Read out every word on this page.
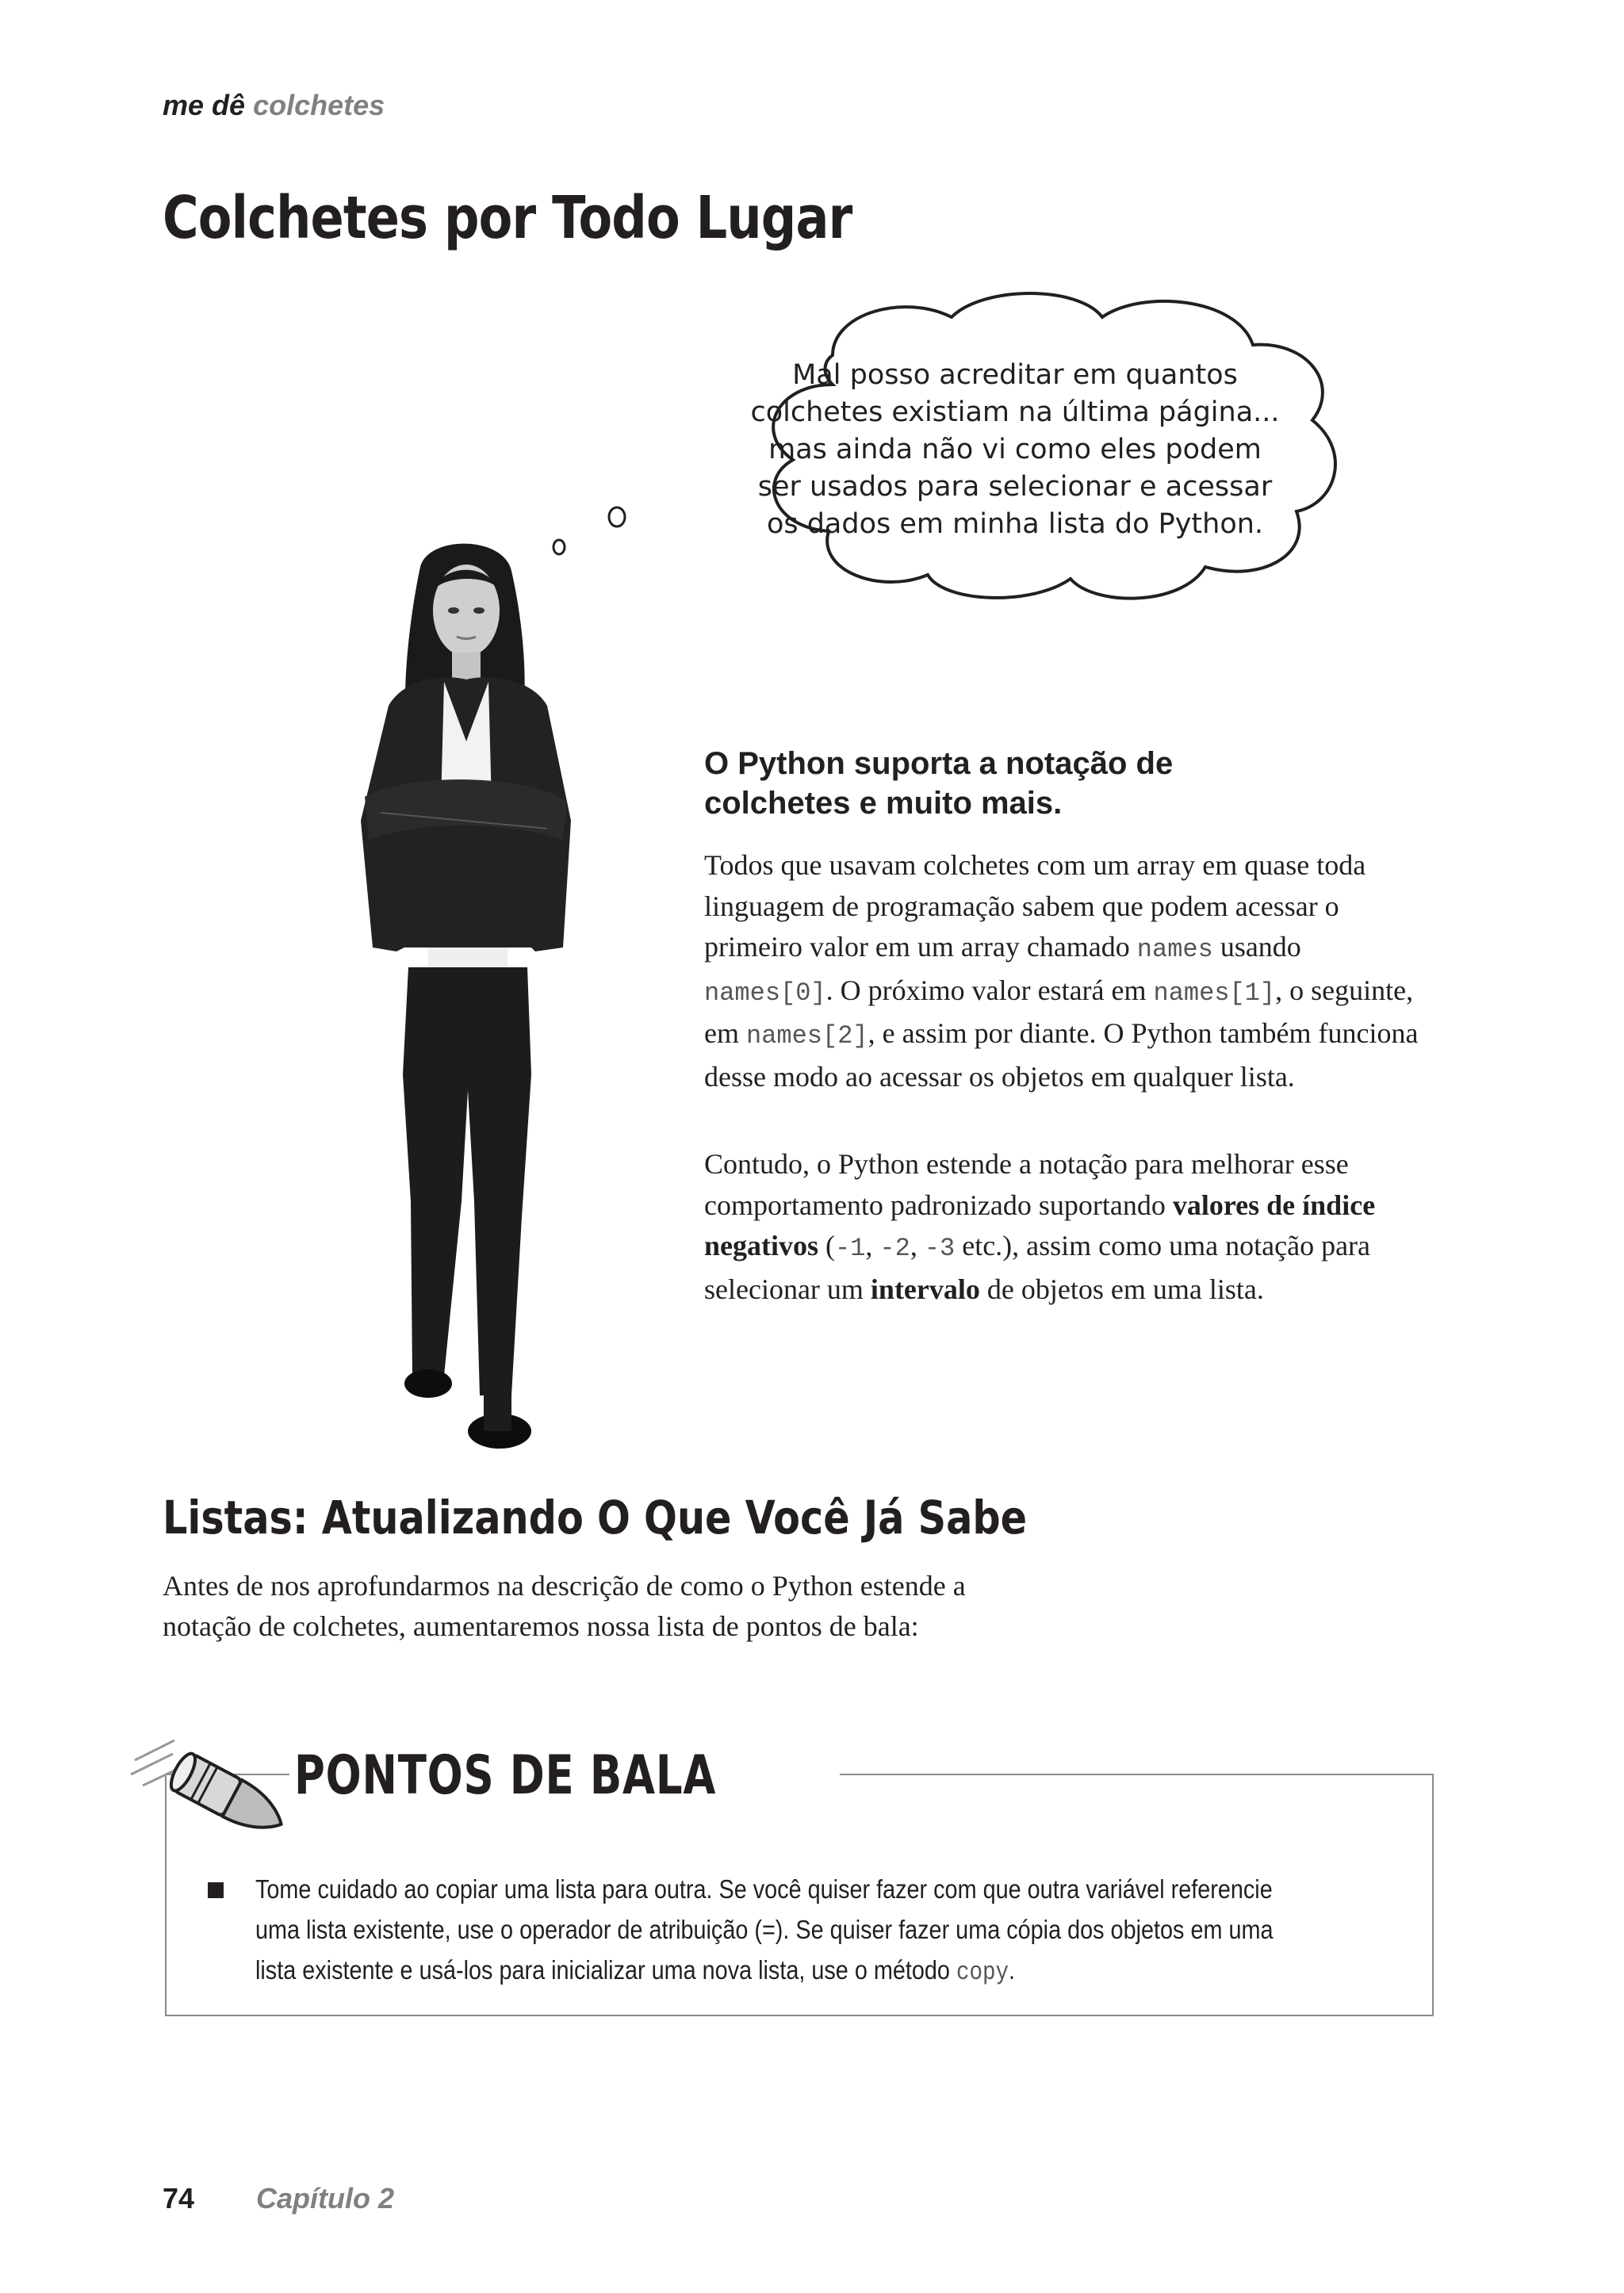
me dê colchetes
Colchetes por Todo Lugar
Mal posso acreditar em quantos
colchetes existiam na última página...
mas ainda não vi como eles podem
ser usados para selecionar e acessar
os dados em minha lista do Python.
O Python suporta a notação de
colchetes e muito mais.
Todos que usavam colchetes com um array em quase toda linguagem de programação sabem que podem acessar o primeiro valor em um array chamado names usando names[0]. O próximo valor estará em names[1], o seguinte, em names[2], e assim por diante. O Python também funciona desse modo ao acessar os objetos em qualquer lista.
Contudo, o Python estende a notação para melhorar esse comportamento padronizado suportando valores de índice negativos (-1, -2, -3 etc.), assim como uma notação para selecionar um intervalo de objetos em uma lista.
Listas: Atualizando O Que Você Já Sabe
Antes de nos aprofundarmos na descrição de como o Python estende a
notação de colchetes, aumentaremos nossa lista de pontos de bala:
PONTOS DE BALA
Tome cuidado ao copiar uma lista para outra. Se você quiser fazer com que outra variável referencie
uma lista existente, use o operador de atribuição (=). Se quiser fazer uma cópia dos objetos em uma
lista existente e usá-los para inicializar uma nova lista, use o método copy.
74 Capítulo 2
